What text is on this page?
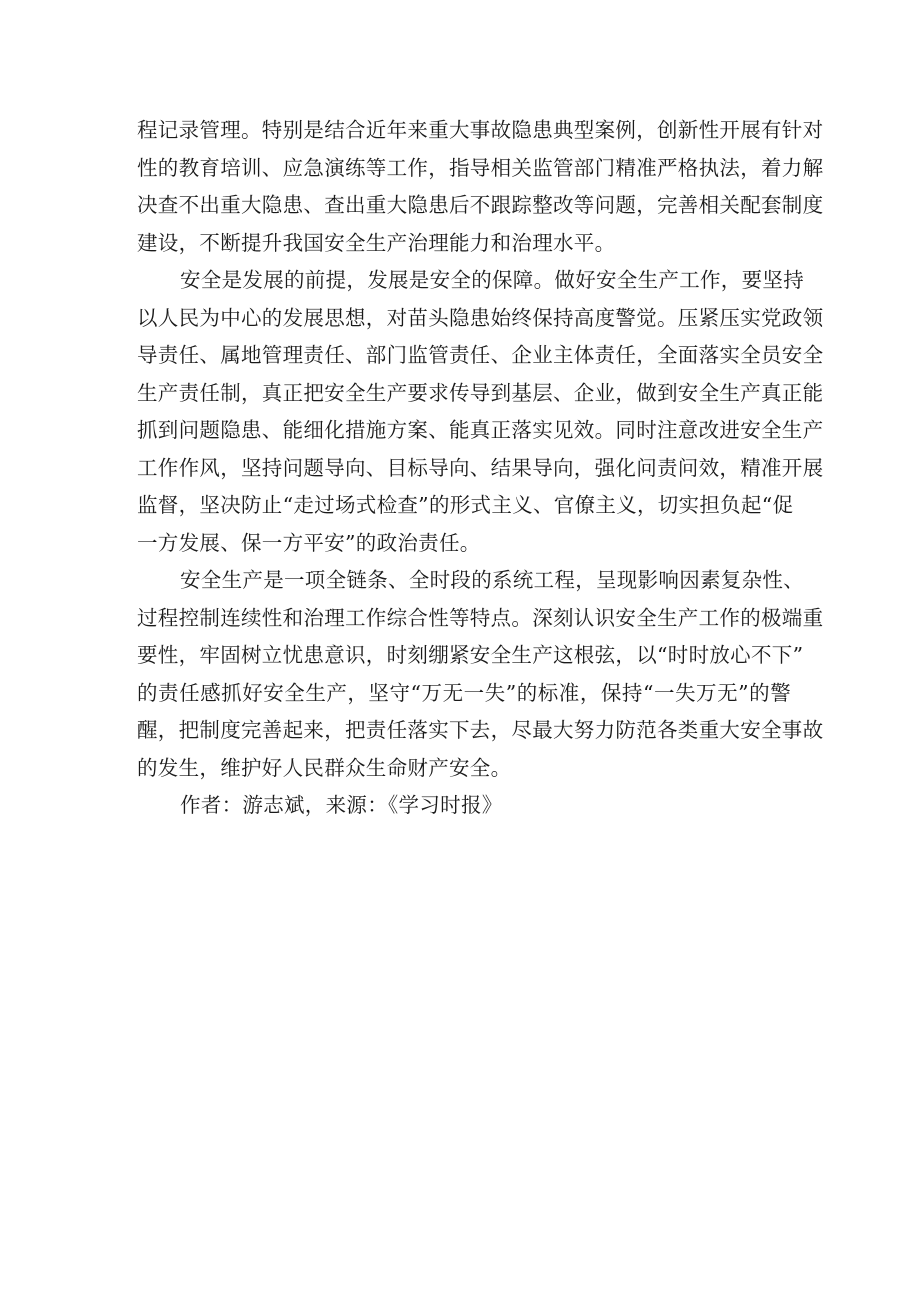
程记录管理。特别是结合近年来重大事故隐患典型案例，创新性开展有针对
性的教育培训、应急演练等工作，指导相关监管部门精准严格执法，着力解
决查不出重大隐患、查出重大隐患后不跟踪整改等问题，完善相关配套制度
建设，不断提升我国安全生产治理能力和治理水平。
安全是发展的前提，发展是安全的保障。做好安全生产工作，要坚持
以人民为中心的发展思想，对苗头隐患始终保持高度警觉。压紧压实党政领
导责任、属地管理责任、部门监管责任、企业主体责任，全面落实全员安全
生产责任制，真正把安全生产要求传导到基层、企业，做到安全生产真正能
抓到问题隐患、能细化措施方案、能真正落实见效。同时注意改进安全生产
工作作风，坚持问题导向、目标导向、结果导向，强化问责问效，精准开展
监督，坚决防止“走过场式检查”的形式主义、官僚主义，切实担负起“促
一方发展、保一方平安”的政治责任。
安全生产是一项全链条、全时段的系统工程，呈现影响因素复杂性、
过程控制连续性和治理工作综合性等特点。深刻认识安全生产工作的极端重
要性，牢固树立忧患意识，时刻绷紧安全生产这根弦，以“时时放心不下”
的责任感抓好安全生产，坚守“万无一失”的标准，保持“一失万无”的警
醒，把制度完善起来，把责任落实下去，尽最大努力防范各类重大安全事故
的发生，维护好人民群众生命财产安全。
作者：游志斌，来源：《学习时报》
